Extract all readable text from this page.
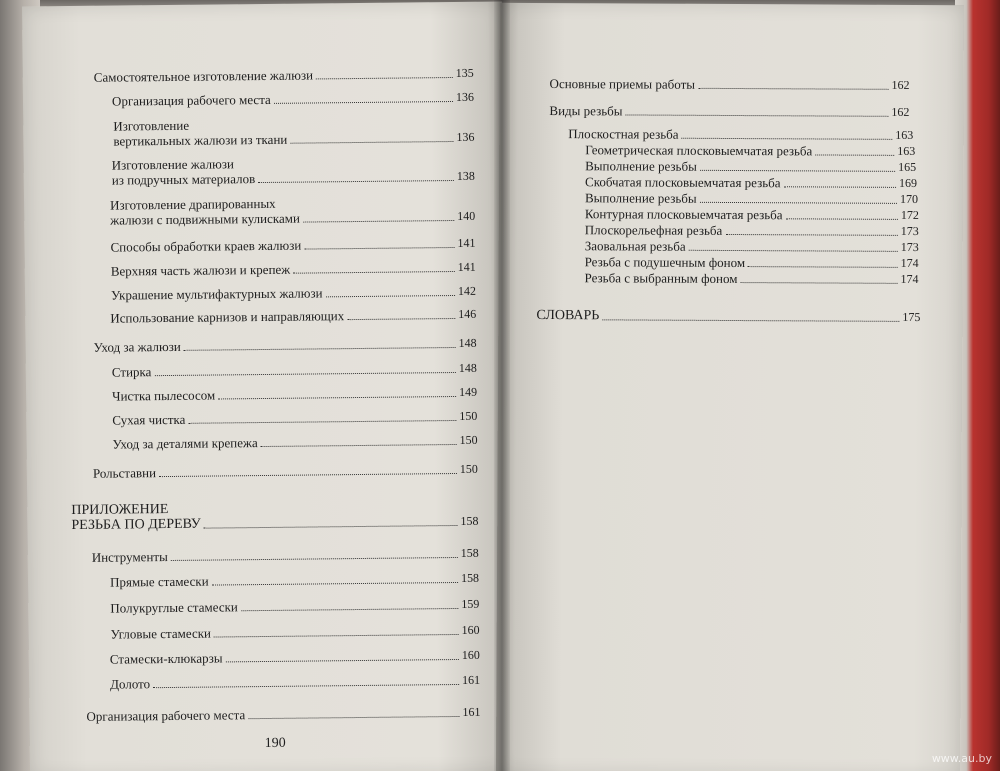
Самостоятельное изготовление жалюзи	135
Организация рабочего места	136
Изготовление
вертикальных жалюзи из ткани	136
Изготовление жалюзи
из подручных материалов	138
Изготовление драпированных
жалюзи с подвижными кулисками	140
Способы обработки краев жалюзи	141
Верхняя часть жалюзи и крепеж	141
Украшение мультифактурных жалюзи	142
Использование карнизов и направляющих	146
Уход за жалюзи	148
Стирка	148
Чистка пылесосом	149
Сухая чистка	150
Уход за деталями крепежа	150
Рольставни	150
ПРИЛОЖЕНИЕ
РЕЗЬБА ПО ДЕРЕВУ	158
Инструменты	158
Прямые стамески	158
Полукруглые стамески	159
Угловые стамески	160
Стамески-клюкарзы	160
Долото	161
Организация рабочего места	161
190
Основные приемы работы	162
Виды резьбы	162
Плоскостная резьба	163
Геометрическая плосковыемчатая резьба	163
Выполнение резьбы	165
Скобчатая плосковыемчатая резьба	169
Выполнение резьбы	170
Контурная плосковыемчатая резьба	172
Плоскорельефная резьба	173
Заовальная резьба	173
Резьба с подушечным фоном	174
Резьба с выбранным фоном	174
СЛОВАРЬ	175
www.au.by
